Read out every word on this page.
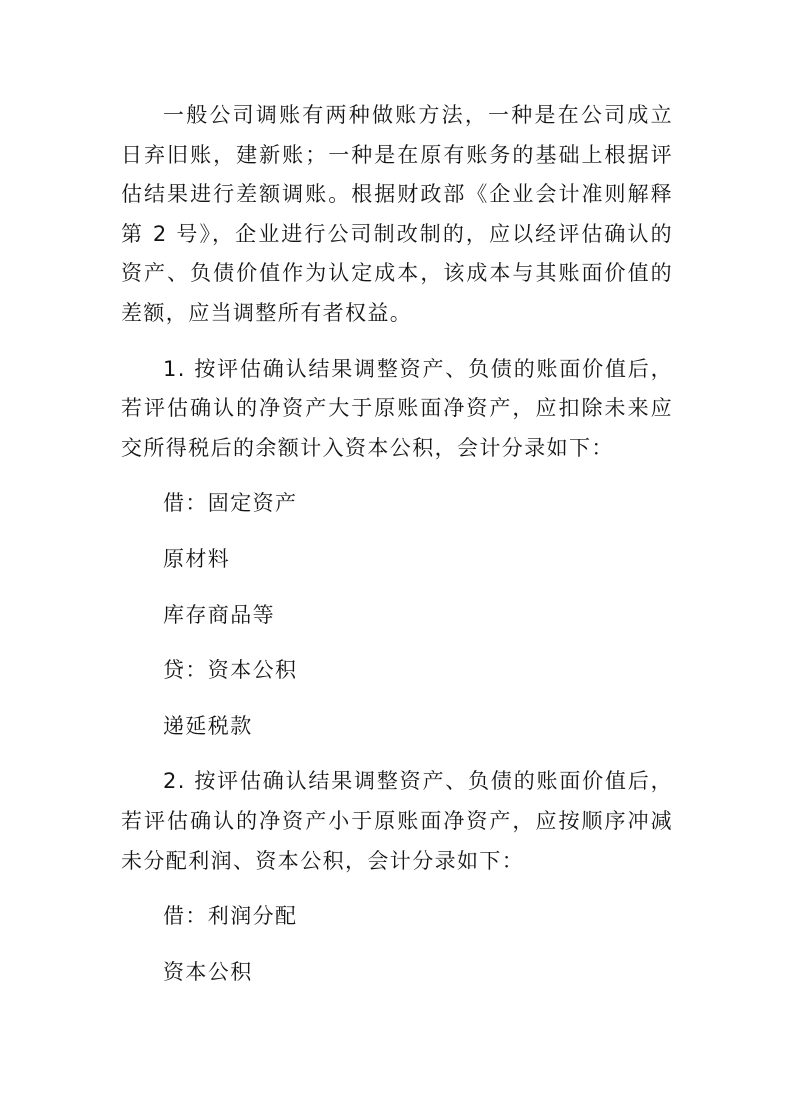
一般公司调账有两种做账方法，一种是在公司成立日弃旧账，建新账；一种是在原有账务的基础上根据评估结果进行差额调账。根据财政部《企业会计准则解释第 2 号》，企业进行公司制改制的，应以经评估确认的资产、负债价值作为认定成本，该成本与其账面价值的差额，应当调整所有者权益。

1. 按评估确认结果调整资产、负债的账面价值后，若评估确认的净资产大于原账面净资产，应扣除未来应交所得税后的余额计入资本公积，会计分录如下：

借：固定资产

原材料

库存商品等

贷：资本公积

递延税款

2. 按评估确认结果调整资产、负债的账面价值后，若评估确认的净资产小于原账面净资产，应按顺序冲减未分配利润、资本公积，会计分录如下：

借：利润分配

资本公积
